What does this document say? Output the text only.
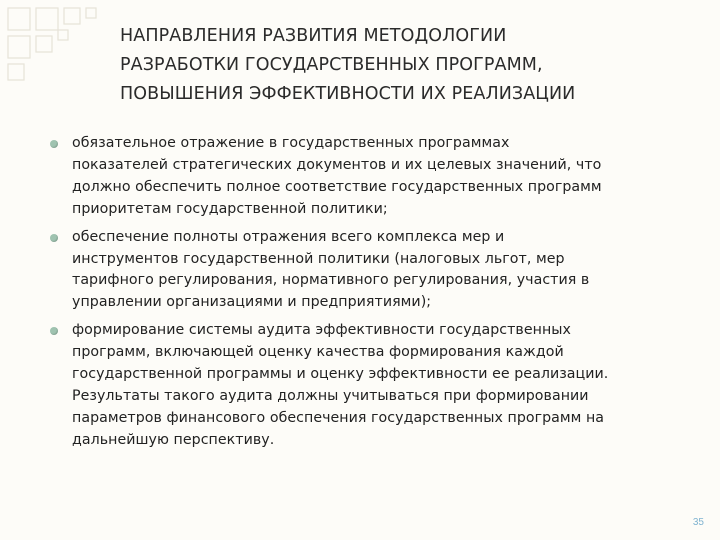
НАПРАВЛЕНИЯ РАЗВИТИЯ МЕТОДОЛОГИИ
РАЗРАБОТКИ ГОСУДАРСТВЕННЫХ ПРОГРАММ,
ПОВЫШЕНИЯ ЭФФЕКТИВНОСТИ ИХ РЕАЛИЗАЦИИ
обязательное отражение в государственных программах
показателей стратегических документов и их целевых значений, что
должно обеспечить полное соответствие государственных программ
приоритетам государственной политики;
обеспечение полноты отражения всего комплекса мер и
инструментов государственной политики (налоговых льгот, мер
тарифного регулирования, нормативного регулирования, участия в
управлении организациями и предприятиями);
формирование системы аудита эффективности государственных
программ, включающей оценку качества формирования каждой
государственной программы и оценку эффективности ее реализации.
Результаты такого аудита должны учитываться при формировании
параметров финансового обеспечения государственных программ на
дальнейшую перспективу.
35
